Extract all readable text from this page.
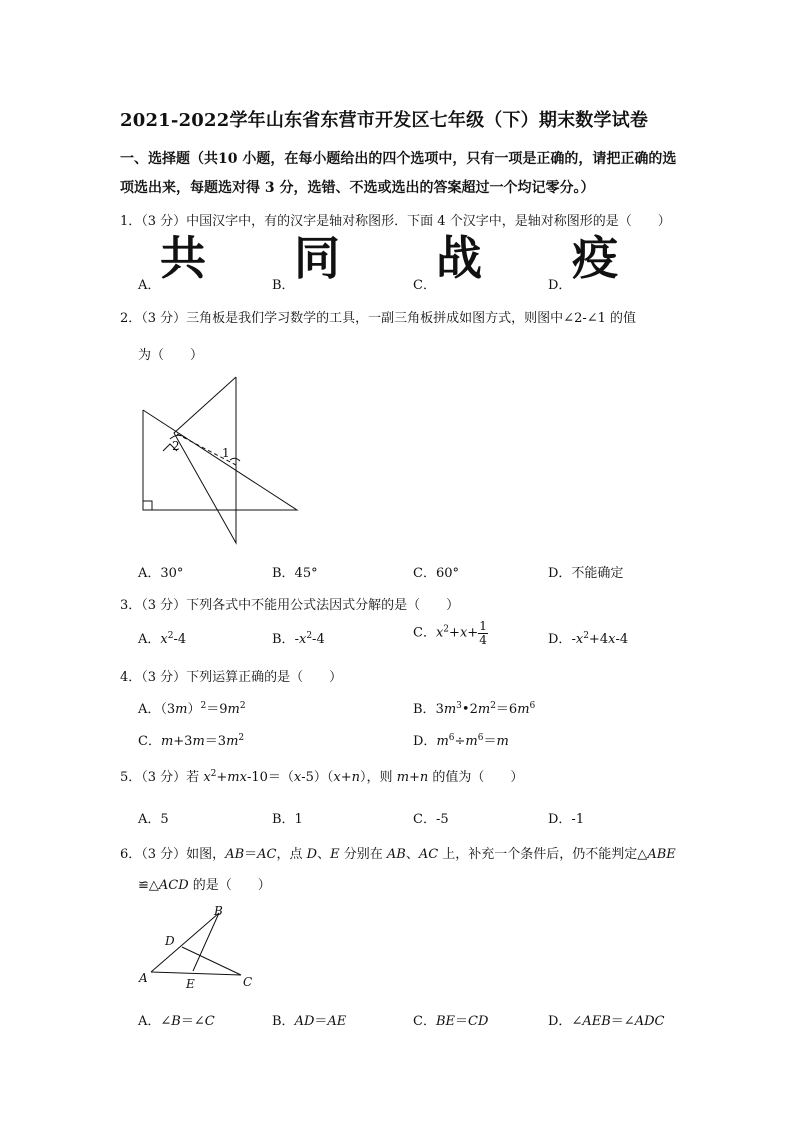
2021-2022学年山东省东营市开发区七年级（下）期末数学试卷
一、选择题（共10 小题，在每小题给出的四个选项中，只有一项是正确的，请把正确的选
项选出来，每题选对得 3 分，选错、不选或选出的答案超过一个均记零分。）
1．（3 分）中国汉字中，有的汉字是轴对称图形．下面 4 个汉字中，是轴对称图形的是（　　）
A．
共
B．
同
C．
战
D．
疫
2．（3 分）三角板是我们学习数学的工具，一副三角板拼成如图方式，则图中∠2-∠1 的值
为（　　）
2	1
A．30°	B．45°	C．60°	D．不能确定
3．（3 分）下列各式中不能用公式法因式分解的是（　　）
A．$x^2-4$	B．$-x^2-4$	C．$x^2+x+ \frac{1}{4}$	D．$-x^2+4x-4$
4．（3 分）下列运算正确的是（　　）
A．$(3m)^2=9m^2$	B．$3m^3•2m^2=6m^6$
C．$m+3m=3m^2$	D．$m^6\div m^6=m$
5．（3 分）若 $x^2+mx-10=(x-5)(x+n)$，则 m+n 的值为（　　）
A．5	B．1	C．-5	D．-1
6．（3 分）如图，AB＝AC，点 D、E 分别在 AB、AC 上，补充一个条件后，仍不能判定△ABE
≌△ACD 的是（　　）
B
D
A	E	C
A．∠B＝∠C	B．AD＝AE	C．BE＝CD	D．∠AEB＝∠ADC
